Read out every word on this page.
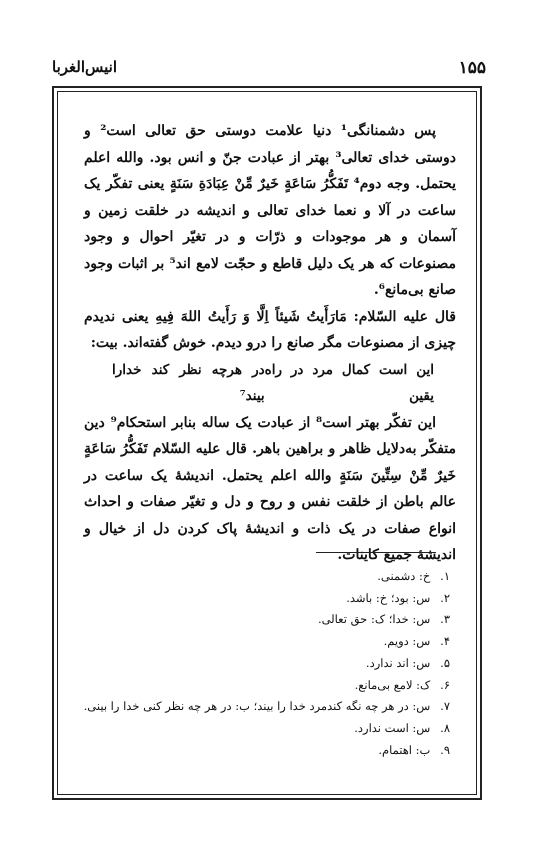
۱۵۵
انیس‌الغربا

پس دشمنانگی¹ دنیا علامت دوستی حق تعالی است² و دوستی خدای تعالی³ بهتر از عبادت جنّ و انس بود. والله اعلم یحتمل. وجه دوم⁴ تَفَکُّرُ سَاعَةٍ خَیرٌ مِّنْ عِبَادَةِ سَنَةٍ یعنی تفکّر یک ساعت در آلا و نعما خدای تعالی و اندیشه در خلقت زمین و آسمان و هر موجودات و ذرّات و در تغیّر احوال و وجود مصنوعات که هر یک دلیل قاطع و حجّت لامع اند⁵ بر اثبات وجود صانع بی‌مانع⁶.

قال علیه السّلام: مَارَأَیتُ شَیئاً اِلَّا وَ رَأَیتُ اللهَ فِیهِ یعنی ندیدم چیزی از مصنوعات مگر صانع را درو دیدم. خوش گفته‌اند. بیت:

این است کمال مرد در راه یقین
در هرچه نظر کند خدارا بیند⁷

این تفکّر بهتر است⁸ از عبادت یک ساله بنابر استحکام⁹ دین متفکّر به‌دلایل ظاهر و براهین باهر. قال علیه السّلام تَفَکُّرُ سَاعَةٍ خَیرٌ مِّنْ سِتِّینَ سَنَةٍ والله اعلم یحتمل. اندیشهٔ یک ساعت در عالم باطن از خلقت نفس و روح و دل و تغیّر صفات و احداث انواع صفات در یک ذات و اندیشهٔ پاک کردن دل از خیال و اندیشهٔ جمیع کاینات.

۱. خ: دشمنی.
۲. س: بود؛ خ: باشد.
۳. س: خدا؛ ک: حق تعالی.
۴. س: دویم.
۵. س: اند ندارد.
۶. ک: لامع بی‌مانع.
۷. س: در هر چه نگه کندمرد خدا را بیند؛ ب: در هر چه نظر کنی خدا را بینی.
۸. س: است ندارد.
۹. ب: اهتمام.
